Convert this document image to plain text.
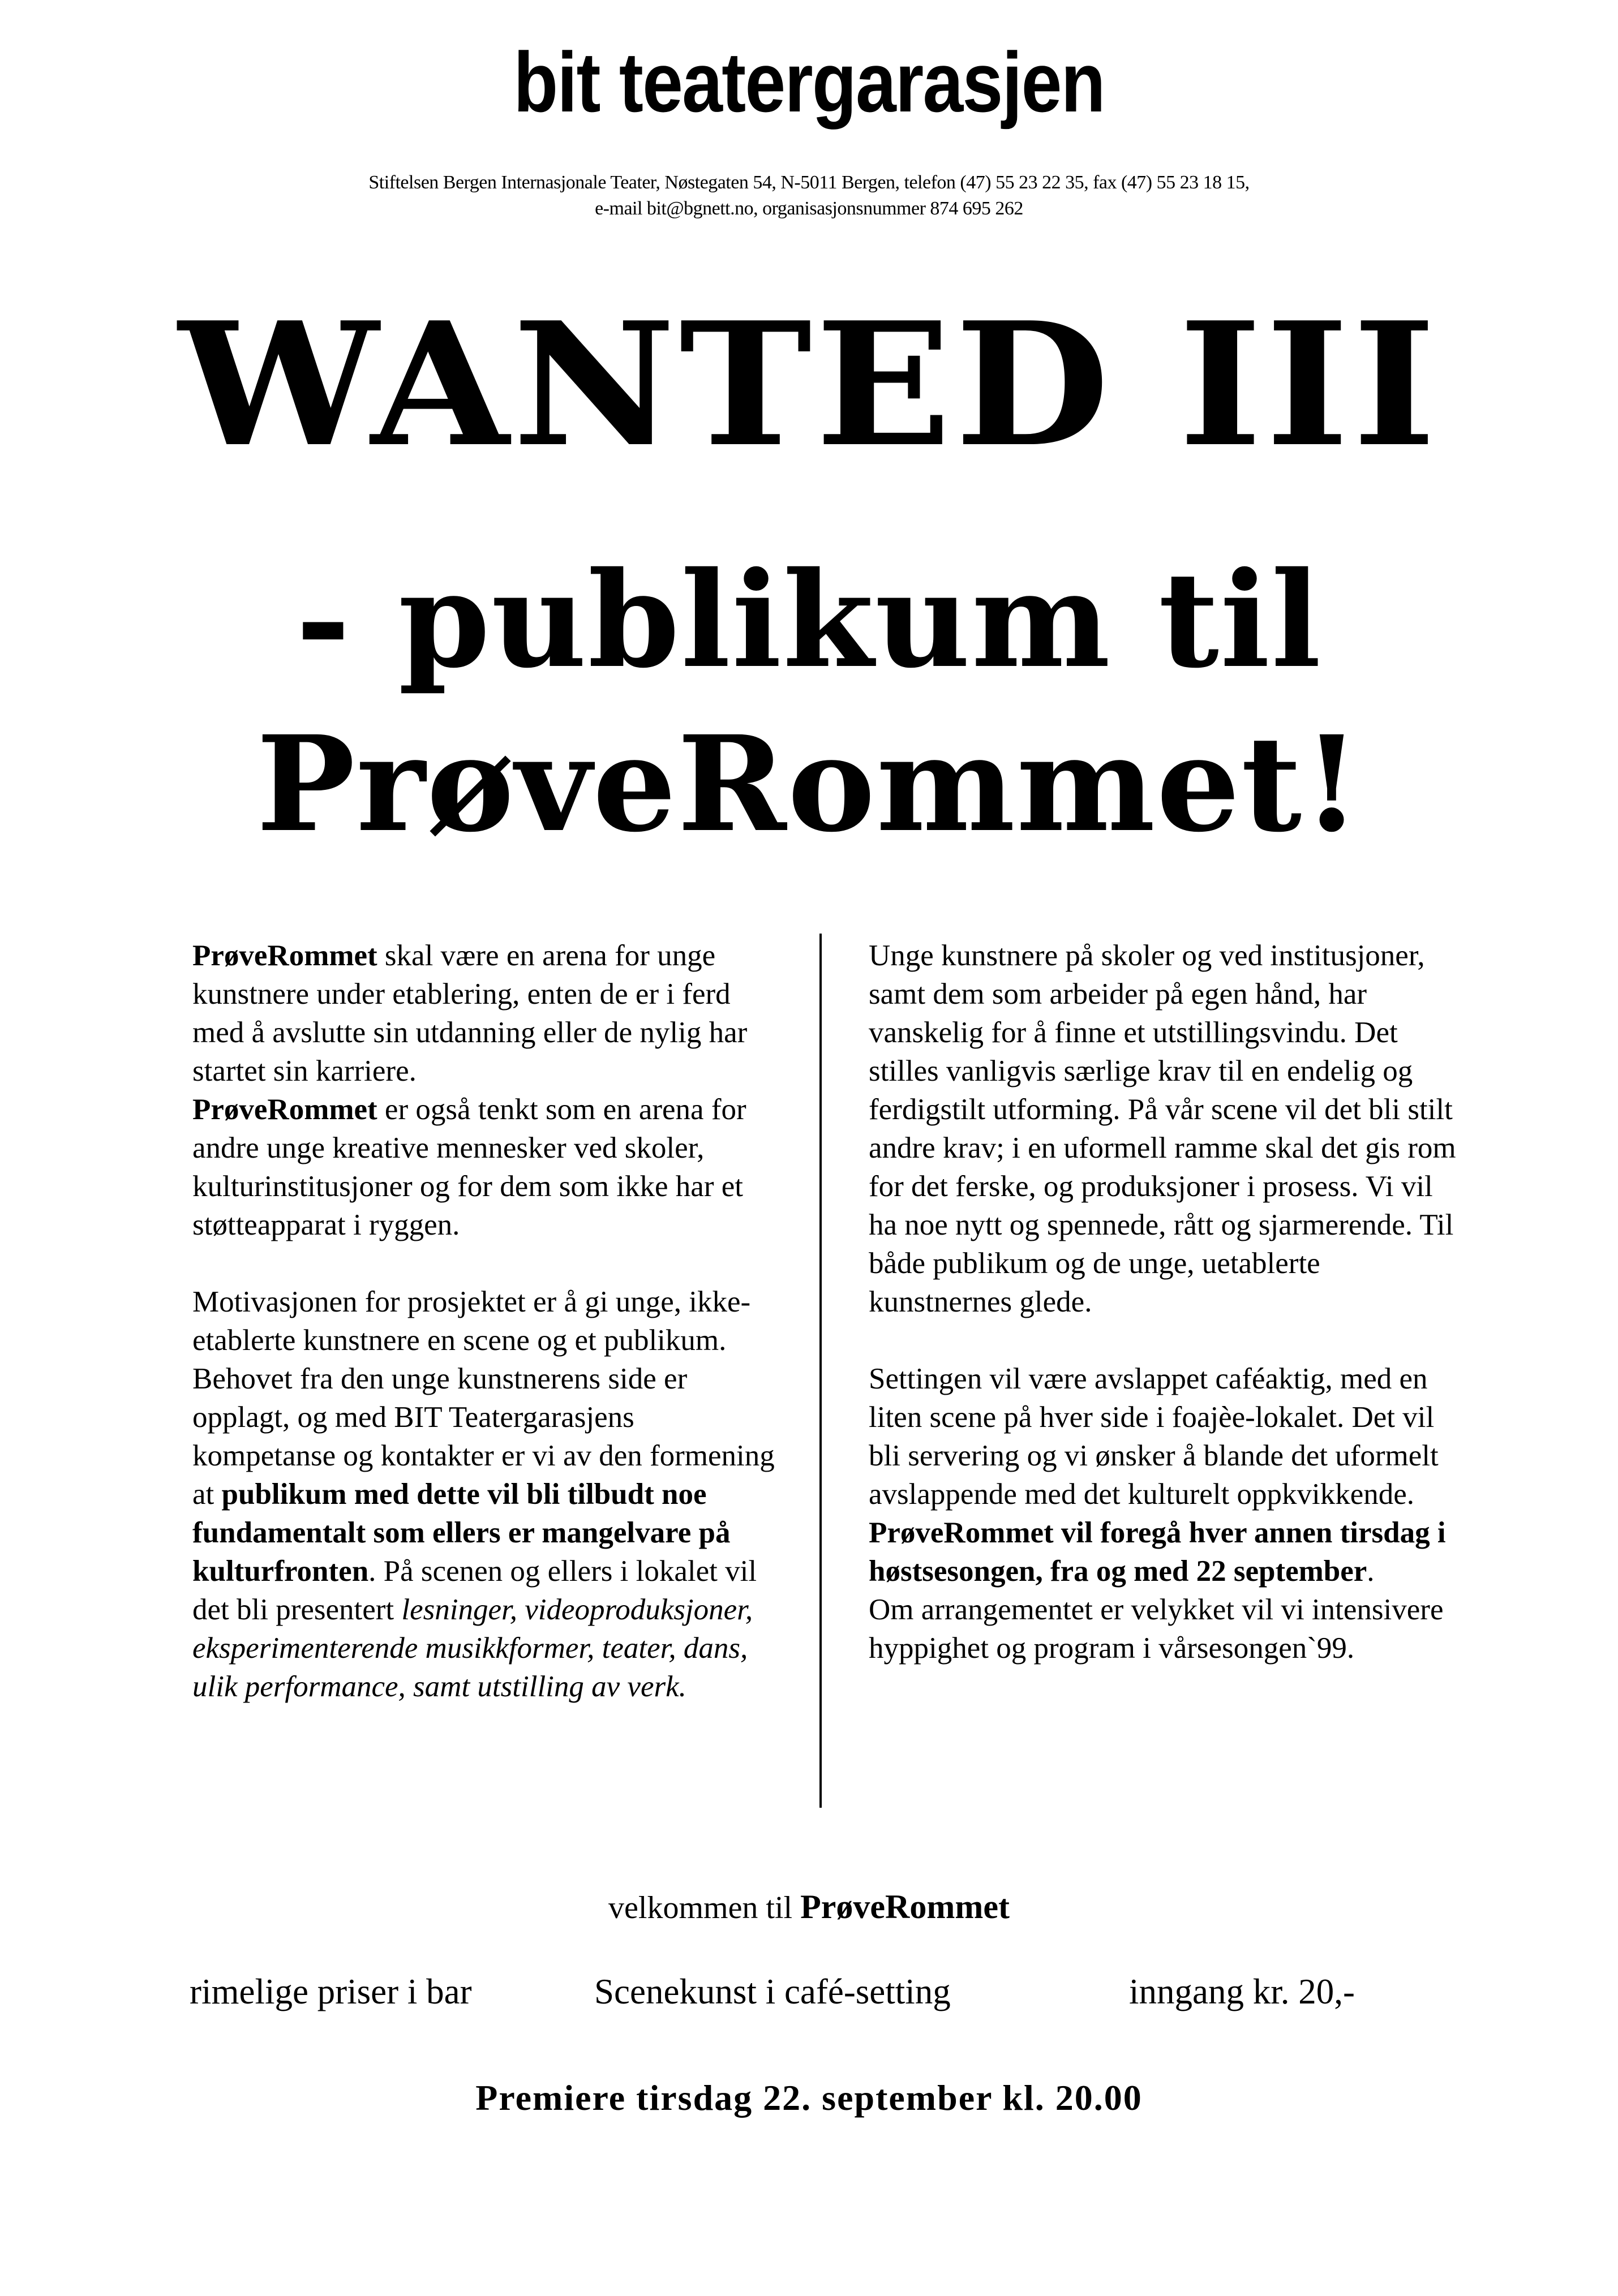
bit teatergarasjen
Stiftelsen Bergen Internasjonale Teater, Nøstegaten 54, N-5011 Bergen, telefon (47) 55 23 22 35, fax (47) 55 23 18 15,
e-mail bit@bgnett.no, organisasjonsnummer 874 695 262
WANTED III
- publikum til
PrøveRommet!

PrøveRommet skal være en arena for unge kunstnere under etablering, enten de er i ferd med å avslutte sin utdanning eller de nylig har startet sin karriere.
PrøveRommet er også tenkt som en arena for andre unge kreative mennesker ved skoler, kulturinstitusjoner og for dem som ikke har et støtteapparat i ryggen.

Motivasjonen for prosjektet er å gi unge, ikke-etablerte kunstnere en scene og et publikum. Behovet fra den unge kunstnerens side er opplagt, og med BIT Teatergarasjens kompetanse og kontakter er vi av den formening at publikum med dette vil bli tilbudt noe fundamentalt som ellers er mangelvare på kulturfronten. På scenen og ellers i lokalet vil det bli presentert lesninger, videoproduksjoner, eksperimenterende musikkformer, teater, dans, ulik performance, samt utstilling av verk.

Unge kunstnere på skoler og ved institusjoner, samt dem som arbeider på egen hånd, har vanskelig for å finne et utstillingsvindu. Det stilles vanligvis særlige krav til en endelig og ferdigstilt utforming. På vår scene vil det bli stilt andre krav; i en uformell ramme skal det gis rom for det ferske, og produksjoner i prosess. Vi vil ha noe nytt og spennede, rått og sjarmerende. Til både publikum og de unge, uetablerte kunstnernes glede.

Settingen vil være avslappet caféaktig, med en liten scene på hver side i foajèe-lokalet. Det vil bli servering og vi ønsker å blande det uformelt avslappende med det kulturelt oppkvikkende. PrøveRommet vil foregå hver annen tirsdag i høstsesongen, fra og med 22 september.
Om arrangementet er velykket vil vi intensivere hyppighet og program i vårsesongen`99.

velkommen til PrøveRommet
rimelige priser i bar	Scenekunst i café-setting	inngang kr. 20,-
Premiere tirsdag 22. september kl. 20.00
